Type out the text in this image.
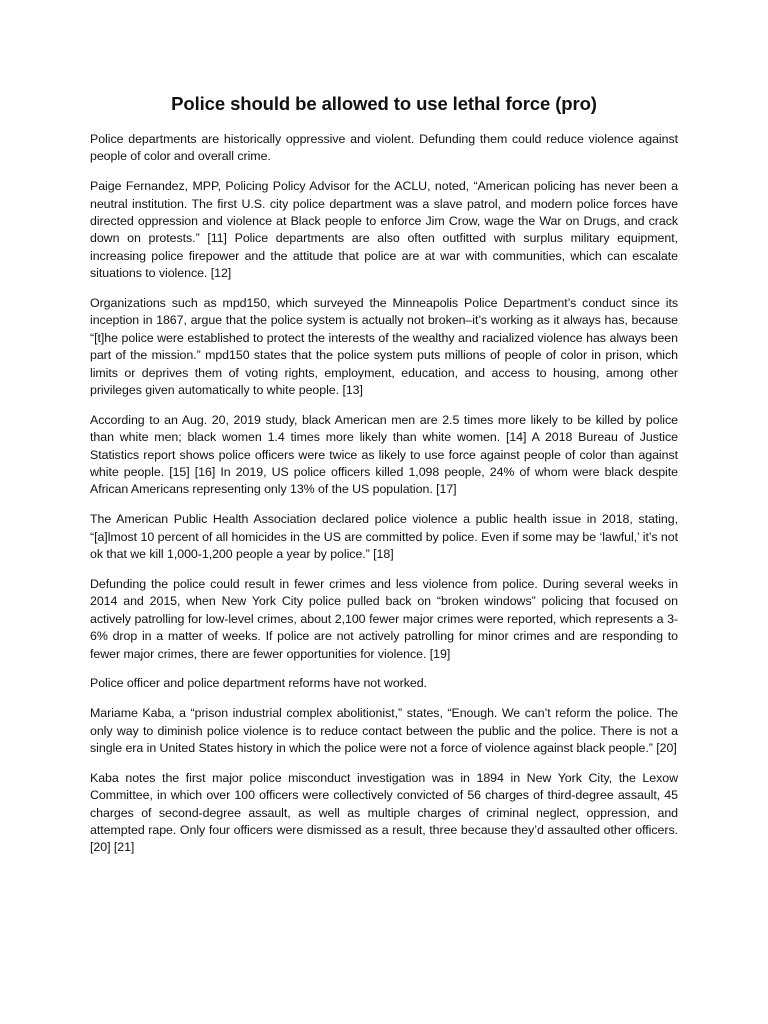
Police should be allowed to use lethal force (pro)

Police departments are historically oppressive and violent. Defunding them could reduce violence against people of color and overall crime.

Paige Fernandez, MPP, Policing Policy Advisor for the ACLU, noted, “American policing has never been a neutral institution. The first U.S. city police department was a slave patrol, and modern police forces have directed oppression and violence at Black people to enforce Jim Crow, wage the War on Drugs, and crack down on protests.” [11] Police departments are also often outfitted with surplus military equipment, increasing police firepower and the attitude that police are at war with communities, which can escalate situations to violence. [12]

Organizations such as mpd150, which surveyed the Minneapolis Police Department’s conduct since its inception in 1867, argue that the police system is actually not broken–it’s working as it always has, because “[t]he police were established to protect the interests of the wealthy and racialized violence has always been part of the mission.” mpd150 states that the police system puts millions of people of color in prison, which limits or deprives them of voting rights, employment, education, and access to housing, among other privileges given automatically to white people. [13]

According to an Aug. 20, 2019 study, black American men are 2.5 times more likely to be killed by police than white men; black women 1.4 times more likely than white women. [14] A 2018 Bureau of Justice Statistics report shows police officers were twice as likely to use force against people of color than against white people. [15] [16] In 2019, US police officers killed 1,098 people, 24% of whom were black despite African Americans representing only 13% of the US population. [17]

The American Public Health Association declared police violence a public health issue in 2018, stating, “[a]lmost 10 percent of all homicides in the US are committed by police. Even if some may be ‘lawful,’ it’s not ok that we kill 1,000-1,200 people a year by police.” [18]

Defunding the police could result in fewer crimes and less violence from police. During several weeks in 2014 and 2015, when New York City police pulled back on “broken windows” policing that focused on actively patrolling for low-level crimes, about 2,100 fewer major crimes were reported, which represents a 3-6% drop in a matter of weeks. If police are not actively patrolling for minor crimes and are responding to fewer major crimes, there are fewer opportunities for violence. [19]

Police officer and police department reforms have not worked.

Mariame Kaba, a “prison industrial complex abolitionist,” states, “Enough. We can’t reform the police. The only way to diminish police violence is to reduce contact between the public and the police. There is not a single era in United States history in which the police were not a force of violence against black people.” [20]

Kaba notes the first major police misconduct investigation was in 1894 in New York City, the Lexow Committee, in which over 100 officers were collectively convicted of 56 charges of third-degree assault, 45 charges of second-degree assault, as well as multiple charges of criminal neglect, oppression, and attempted rape. Only four officers were dismissed as a result, three because they’d assaulted other officers. [20] [21]
